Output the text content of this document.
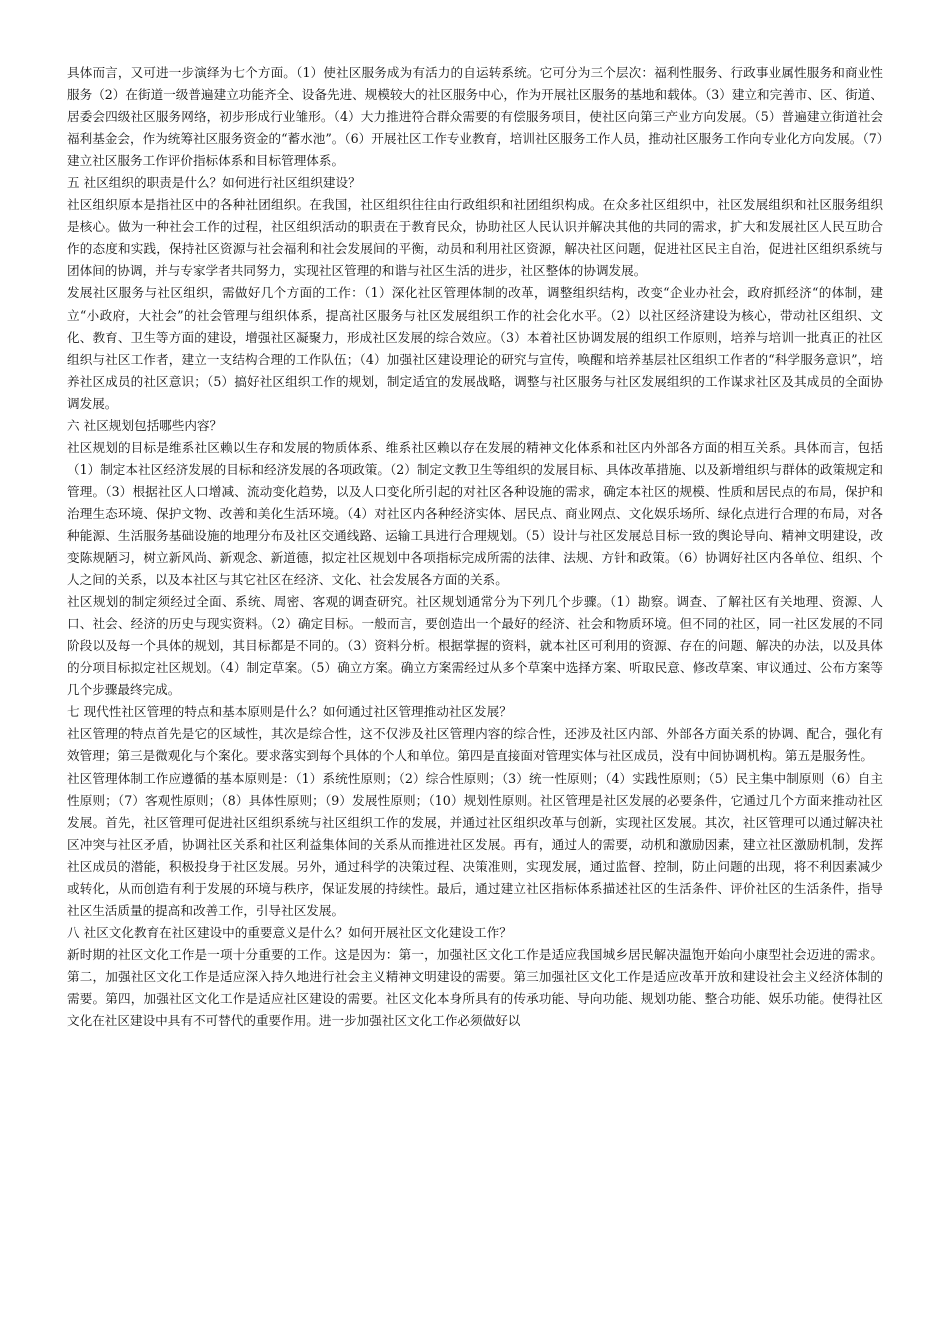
具体而言，又可进一步演绎为七个方面。（1）使社区服务成为有活力的自运转系统。它可分为三个层次：福利性服务、行政事业属性服务和商业性服务（2）在街道一级普遍建立功能齐全、设备先进、规模较大的社区服务中心，作为开展社区服务的基地和载体。（3）建立和完善市、区、街道、居委会四级社区服务网络，初步形成行业雏形。（4）大力推进符合群众需要的有偿服务项目，使社区向第三产业方向发展。（5）普遍建立街道社会福利基金会，作为统筹社区服务资金的“蓄水池”。（6）开展社区工作专业教育，培训社区服务工作人员，推动社区服务工作向专业化方向发展。（7）建立社区服务工作评价指标体系和目标管理体系。

五 社区组织的职责是什么？如何进行社区组织建设？

社区组织原本是指社区中的各种社团组织。在我国，社区组织往往由行政组织和社团组织构成。在众多社区组织中，社区发展组织和社区服务组织是核心。做为一种社会工作的过程，社区组织活动的职责在于教育民众，协助社区人民认识并解决其他的共同的需求，扩大和发展社区人民互助合作的态度和实践，保持社区资源与社会福利和社会发展间的平衡，动员和利用社区资源，解决社区问题，促进社区民主自治，促进社区组织系统与团体间的协调，并与专家学者共同努力，实现社区管理的和谐与社区生活的进步，社区整体的协调发展。

发展社区服务与社区组织，需做好几个方面的工作：（1）深化社区管理体制的改革，调整组织结构，改变“企业办社会，政府抓经济“的体制，建立“小政府，大社会”的社会管理与组织体系，提高社区服务与社区发展组织工作的社会化水平。（2）以社区经济建设为核心，带动社区组织、文化、教育、卫生等方面的建设，增强社区凝聚力，形成社区发展的综合效应。（3）本着社区协调发展的组织工作原则，培养与培训一批真正的社区组织与社区工作者，建立一支结构合理的工作队伍；（4）加强社区建设理论的研究与宣传，唤醒和培养基层社区组织工作者的“科学服务意识”，培养社区成员的社区意识；（5）搞好社区组织工作的规划，制定适宜的发展战略，调整与社区服务与社区发展组织的工作谋求社区及其成员的全面协调发展。

六 社区规划包括哪些内容？

社区规划的目标是维系社区赖以生存和发展的物质体系、维系社区赖以存在发展的精神文化体系和社区内外部各方面的相互关系。具体而言，包括（1）制定本社区经济发展的目标和经济发展的各项政策。（2）制定文教卫生等组织的发展目标、具体改革措施、以及新增组织与群体的政策规定和管理。（3）根据社区人口增减、流动变化趋势，以及人口变化所引起的对社区各种设施的需求，确定本社区的规模、性质和居民点的布局，保护和治理生态环境、保护文物、改善和美化生活环境。（4）对社区内各种经济实体、居民点、商业网点、文化娱乐场所、绿化点进行合理的布局，对各种能源、生活服务基础设施的地理分布及社区交通线路、运输工具进行合理规划。（5）设计与社区发展总目标一致的舆论导向、精神文明建设，改变陈规陋习，树立新风尚、新观念、新道德，拟定社区规划中各项指标完成所需的法律、法规、方针和政策。（6）协调好社区内各单位、组织、个人之间的关系，以及本社区与其它社区在经济、文化、社会发展各方面的关系。

社区规划的制定须经过全面、系统、周密、客观的调查研究。社区规划通常分为下列几个步骤。（1）勘察。调查、了解社区有关地理、资源、人口、社会、经济的历史与现实资料。（2）确定目标。一般而言，要创造出一个最好的经济、社会和物质环境。但不同的社区，同一社区发展的不同阶段以及每一个具体的规划，其目标都是不同的。（3）资料分析。根据掌握的资料，就本社区可利用的资源、存在的问题、解决的办法，以及具体的分项目标拟定社区规划。（4）制定草案。（5）确立方案。确立方案需经过从多个草案中选择方案、听取民意、修改草案、审议通过、公布方案等几个步骤最终完成。

七 现代性社区管理的特点和基本原则是什么？如何通过社区管理推动社区发展？

社区管理的特点首先是它的区域性，其次是综合性，这不仅涉及社区管理内容的综合性，还涉及社区内部、外部各方面关系的协调、配合，强化有效管理；第三是微观化与个案化。要求落实到每个具体的个人和单位。第四是直接面对管理实体与社区成员，没有中间协调机构。第五是服务性。

社区管理体制工作应遵循的基本原则是：（1）系统性原则；（2）综合性原则；（3）统一性原则；（4）实践性原则；（5）民主集中制原则（6）自主性原则；（7）客观性原则；（8）具体性原则；（9）发展性原则；（10）规划性原则。社区管理是社区发展的必要条件，它通过几个方面来推动社区发展。首先，社区管理可促进社区组织系统与社区组织工作的发展，并通过社区组织改革与创新，实现社区发展。其次，社区管理可以通过解决社区冲突与社区矛盾，协调社区关系和社区利益集体间的关系从而推进社区发展。再有，通过人的需要，动机和激励因素，建立社区激励机制，发挥社区成员的潜能，积极投身于社区发展。另外，通过科学的决策过程、决策准则，实现发展，通过监督、控制，防止问题的出现，将不利因素减少或转化，从而创造有利于发展的环境与秩序，保证发展的持续性。最后，通过建立社区指标体系描述社区的生活条件、评价社区的生活条件，指导社区生活质量的提高和改善工作，引导社区发展。

八 社区文化教育在社区建设中的重要意义是什么？如何开展社区文化建设工作？

新时期的社区文化工作是一项十分重要的工作。这是因为：第一，加强社区文化工作是适应我国城乡居民解决温饱开始向小康型社会迈进的需求。第二，加强社区文化工作是适应深入持久地进行社会主义精神文明建设的需要。第三加强社区文化工作是适应改革开放和建设社会主义经济体制的需要。第四，加强社区文化工作是适应社区建设的需要。社区文化本身所具有的传承功能、导向功能、规划功能、整合功能、娱乐功能。使得社区文化在社区建设中具有不可替代的重要作用。进一步加强社区文化工作必须做好以
